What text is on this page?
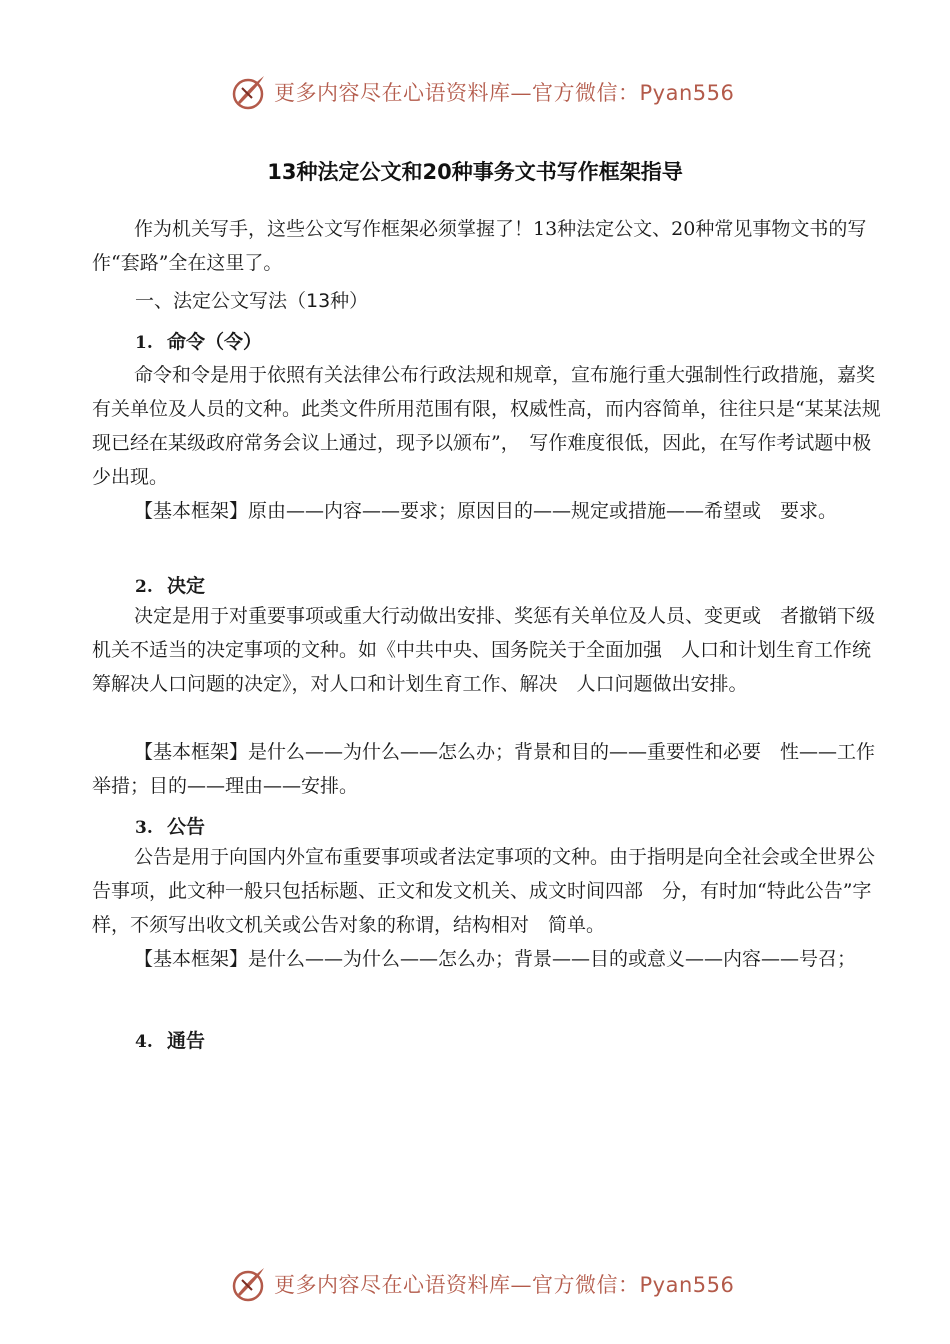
更多内容尽在心语资料库—官方微信：Pyan556
13种法定公文和20种事务文书写作框架指导
作为机关写手，这些公文写作框架必须掌握了！13种法定公文、20种常见事物文书的写作“套路”全在这里了。
一、法定公文写法（13种）
1. 命令（令）
命令和令是用于依照有关法律公布行政法规和规章，宣布施行重大强制性行政措施，嘉奖有关单位及人员的文种。此类文件所用范围有限，权威性高，而内容简单，往往只是“某某法规现已经在某级政府常务会议上通过，现予以颁布”，　写作难度很低，因此，在写作考试题中极少出现。
【基本框架】原由——内容——要求；原因目的——规定或措施——希望或　要求。
2. 决定
决定是用于对重要事项或重大行动做出安排、奖惩有关单位及人员、变更或　者撤销下级机关不适当的决定事项的文种。如《中共中央、国务院关于全面加强　人口和计划生育工作统筹解决人口问题的决定》，对人口和计划生育工作、解决　人口问题做出安排。
【基本框架】是什么——为什么——怎么办；背景和目的——重要性和必要　性——工作举措；目的——理由——安排。
3. 公告
公告是用于向国内外宣布重要事项或者法定事项的文种。由于指明是向全社会或全世界公告事项，此文种一般只包括标题、正文和发文机关、成文时间四部　分，有时加“特此公告”字样，不须写出收文机关或公告对象的称谓，结构相对　简单。
【基本框架】是什么——为什么——怎么办；背景——目的或意义——内容——号召；
4. 通告
更多内容尽在心语资料库—官方微信：Pyan556
